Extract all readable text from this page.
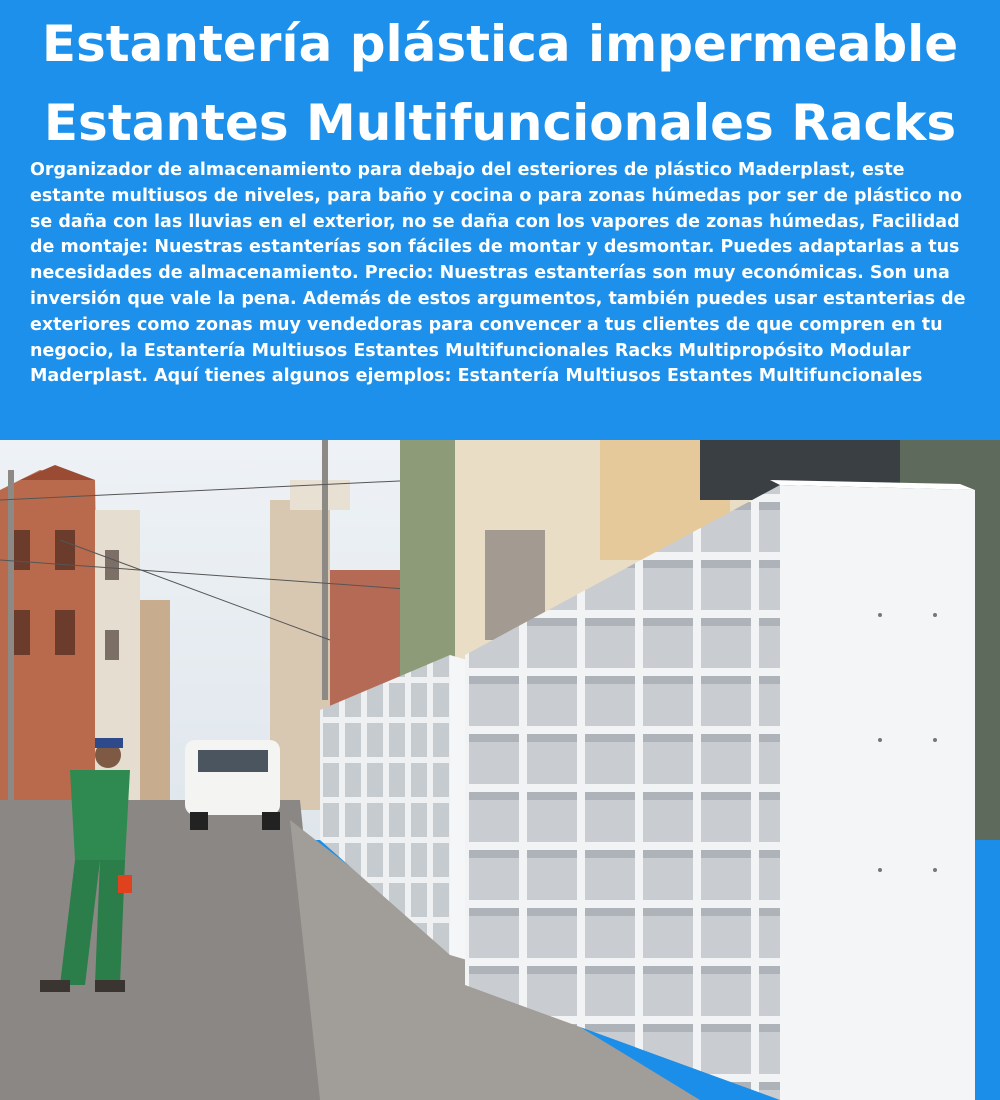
Estantería plástica impermeable
Estantes Multifuncionales Racks

Organizador de almacenamiento para debajo del esteriores de plástico Maderplast, este estante multiusos de niveles, para baño y cocina o para zonas húmedas por ser de plástico no se daña con las lluvias en el exterior, no se daña con los vapores de zonas húmedas, Facilidad de montaje: Nuestras estanterías son fáciles de montar y desmontar. Puedes adaptarlas a tus necesidades de almacenamiento. Precio: Nuestras estanterías son muy económicas. Son una inversión que vale la pena. Además de estos argumentos, también puedes usar estanterias de exteriores como zonas muy vendedoras para convencer a tus clientes de que compren en tu negocio, la Estantería Multiusos Estantes Multifuncionales Racks Multipropósito Modular Maderplast. Aquí tienes algunos ejemplos: Estantería Multiusos Estantes Multifuncionales
